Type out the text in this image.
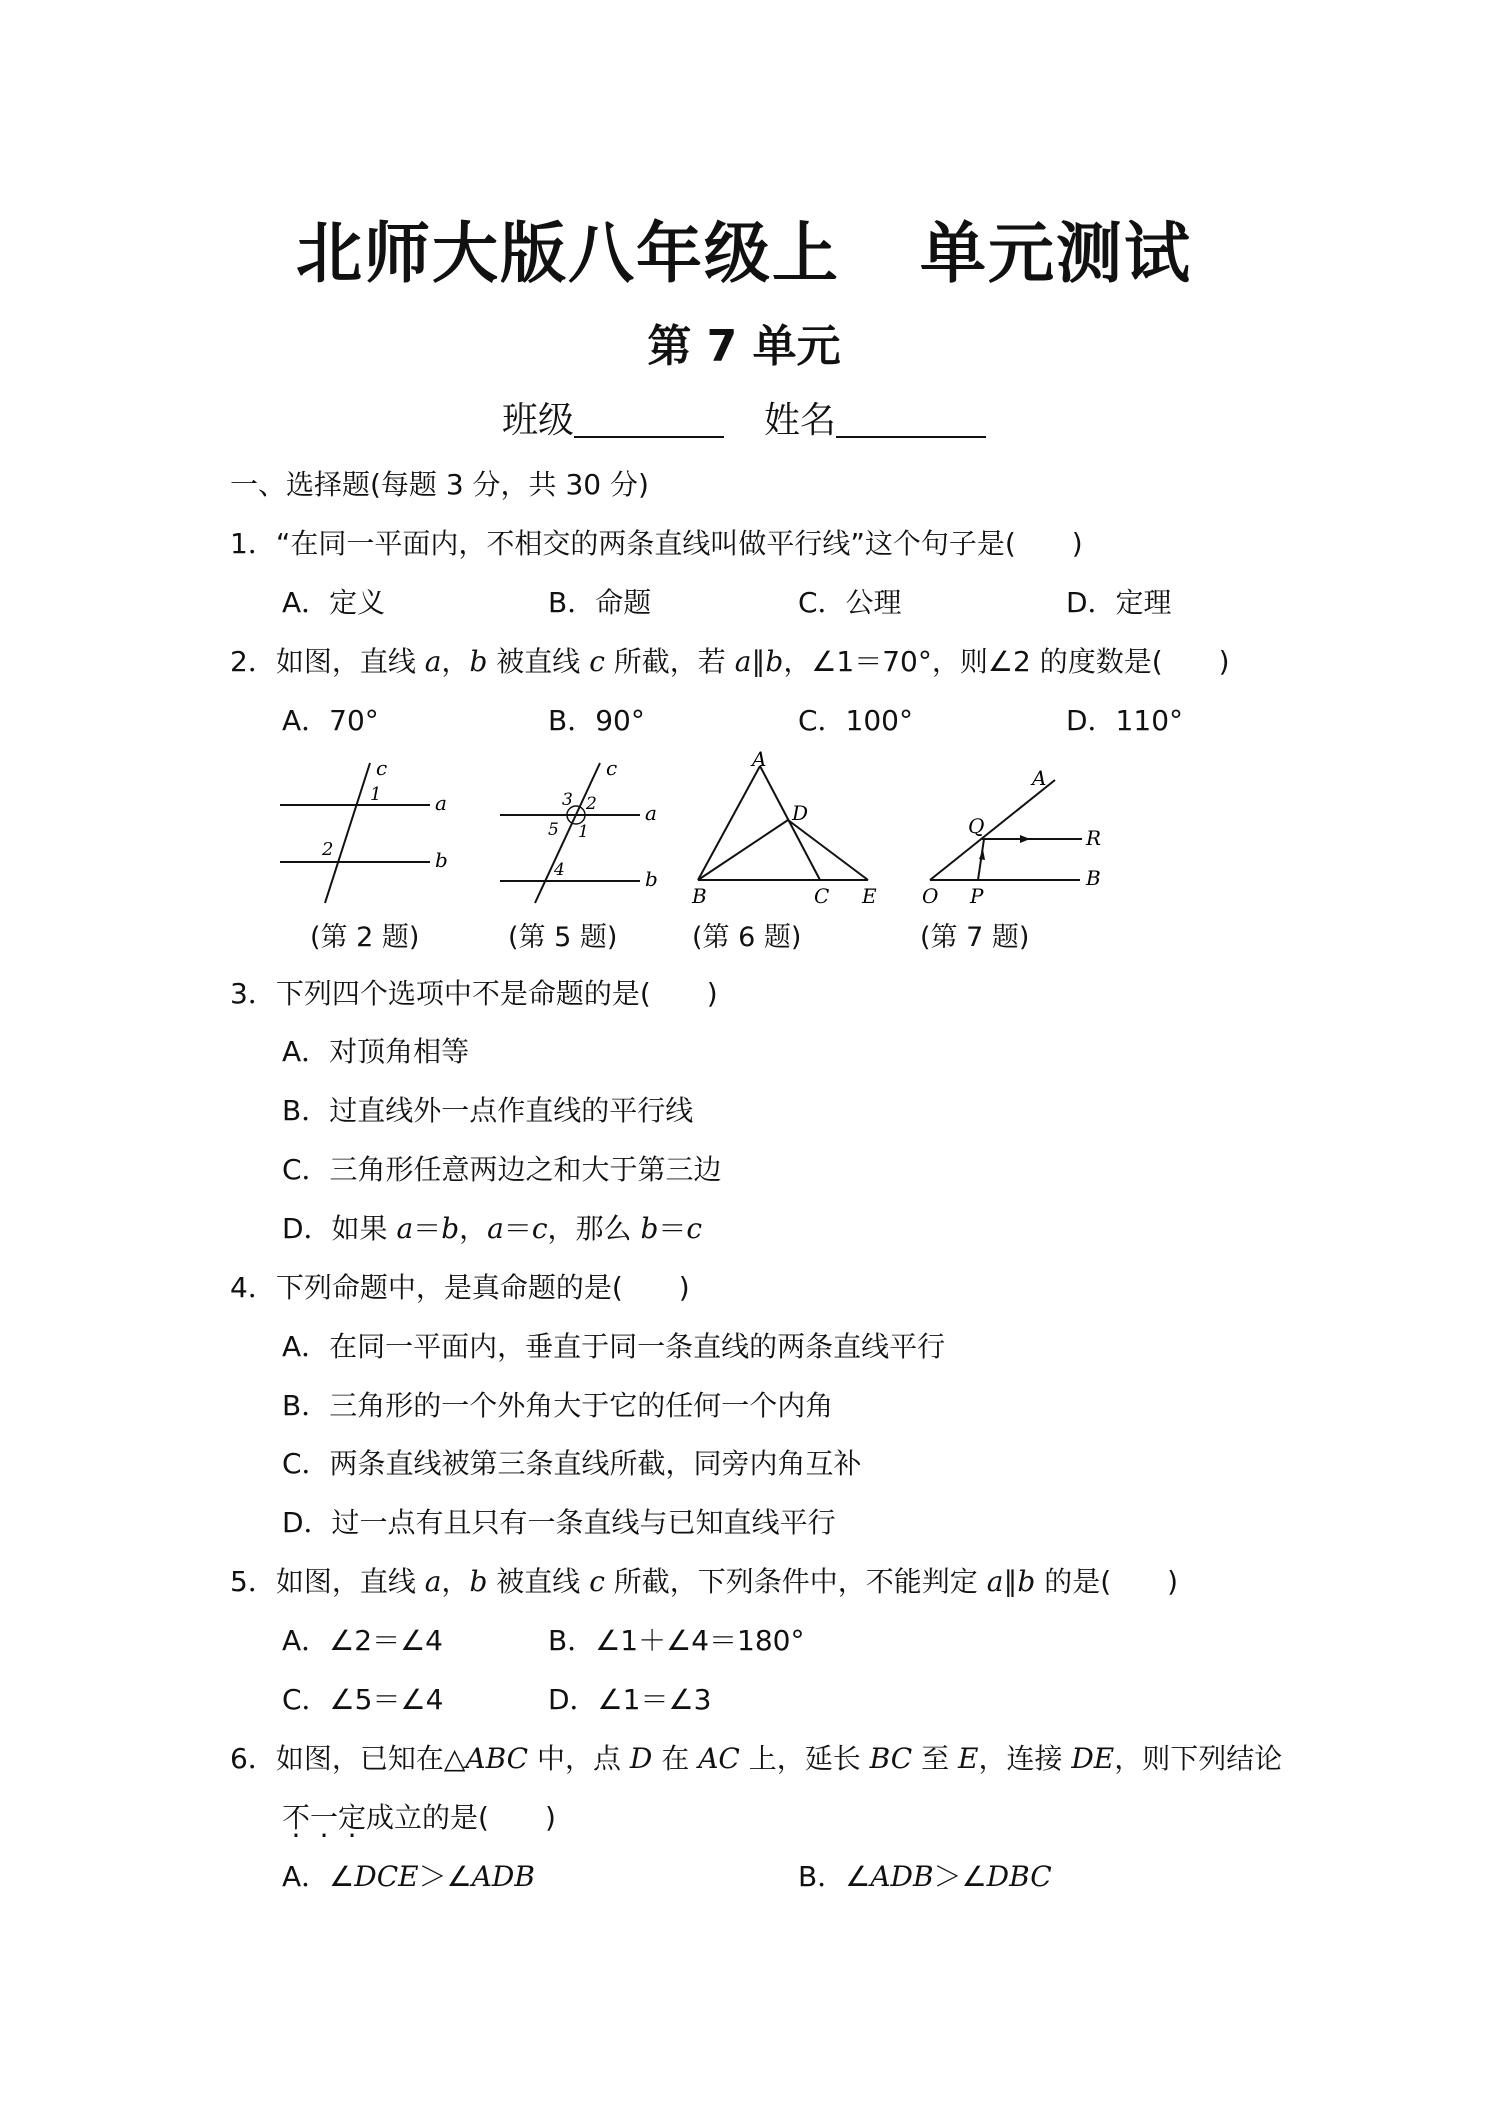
北师大版八年级上 单元测试
第 7 单元
班级	姓名
一、选择题(每题 3 分，共 30 分)
1．“在同一平面内，不相交的两条直线叫做平行线”这个句子是(　　)
A．定义	B．命题	C．公理	D．定理
2．如图，直线 a，b 被直线 c 所截，若 a∥b，∠1＝70°，则∠2 的度数是(　　)
A．70°	B．90°	C．100°	D．110°
c
a
b
1
2
c
a
b
3 2
5 1
4
A
D
B	C E
A
B
O P
Q	R
(第 2 题)	(第 5 题)	(第 6 题)	(第 7 题)
3．下列四个选项中不是命题的是(　　)
A．对顶角相等
B．过直线外一点作直线的平行线
C．三角形任意两边之和大于第三边
D．如果 a＝b，a＝c，那么 b＝c
4．下列命题中，是真命题的是(　　)
A．在同一平面内，垂直于同一条直线的两条直线平行
B．三角形的一个外角大于它的任何一个内角
C．两条直线被第三条直线所截，同旁内角互补
D．过一点有且只有一条直线与已知直线平行
5．如图，直线 a，b 被直线 c 所截，下列条件中，不能判定 a∥b 的是(　　)
A．∠2＝∠4	B．∠1＋∠4＝180°
C．∠5＝∠4	D．∠1＝∠3
6．如图，已知在△ABC 中，点 D 在 AC 上，延长 BC 至 E，连接 DE，则下列结论
不一定成立的是(　　)
A．∠DCE＞∠ADB	B．∠ADB＞∠DBC
